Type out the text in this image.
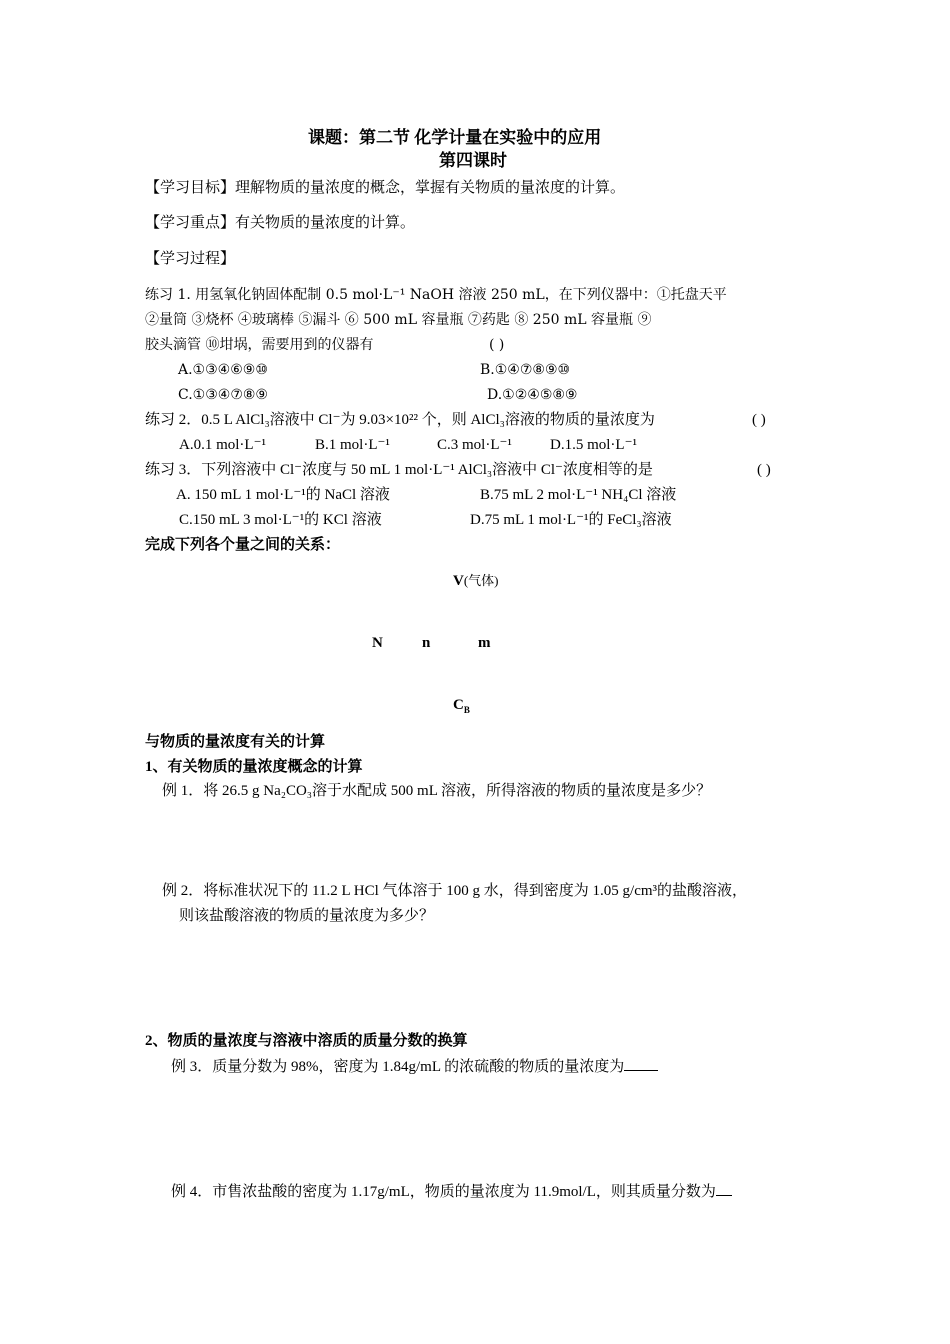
课题：第二节 化学计量在实验中的应用
第四课时
【学习目标】理解物质的量浓度的概念，掌握有关物质的量浓度的计算。
【学习重点】有关物质的量浓度的计算。
【学习过程】
练习 1. 用氢氧化钠固体配制 0.5 mol·L⁻¹ NaOH 溶液 250 mL，在下列仪器中：①托盘天平
②量筒 ③烧杯 ④玻璃棒 ⑤漏斗 ⑥ 500 mL 容量瓶 ⑦药匙 ⑧ 250 mL 容量瓶 ⑨
胶头滴管 ⑩坩埚，需要用到的仪器有	( )
A.①③④⑥⑨⑩	B.①④⑦⑧⑨⑩
C.①③④⑦⑧⑨	D.①②④⑤⑧⑨
练习 2．0.5 L AlCl₃溶液中 Cl⁻为 9.03×10²² 个，则 AlCl₃溶液的物质的量浓度为	( )
A.0.1 mol·L⁻¹	B.1 mol·L⁻¹	C.3 mol·L⁻¹	D.1.5 mol·L⁻¹
练习 3．下列溶液中 Cl⁻浓度与 50 mL 1 mol·L⁻¹ AlCl₃溶液中 Cl⁻浓度相等的是	( )
A. 150 mL 1 mol·L⁻¹的 NaCl 溶液	B.75 mL 2 mol·L⁻¹ NH₄Cl 溶液
C.150 mL 3 mol·L⁻¹的 KCl 溶液	D.75 mL 1 mol·L⁻¹的 FeCl₃溶液
完成下列各个量之间的关系：
V(气体)
N	n	m
$C_B$
与物质的量浓度有关的计算
1、有关物质的量浓度概念的计算
例 1．将 26.5 g Na₂CO₃溶于水配成 500 mL 溶液，所得溶液的物质的量浓度是多少？
例 2．将标准状况下的 11.2 L HCl 气体溶于 100 g 水，得到密度为 1.05 g/cm³的盐酸溶液，
则该盐酸溶液的物质的量浓度为多少？
2、物质的量浓度与溶液中溶质的质量分数的换算
例 3．质量分数为 98%，密度为 1.84g/mL 的浓硫酸的物质的量浓度为
例 4．市售浓盐酸的密度为 1.17g/mL，物质的量浓度为 11.9mol/L，则其质量分数为
